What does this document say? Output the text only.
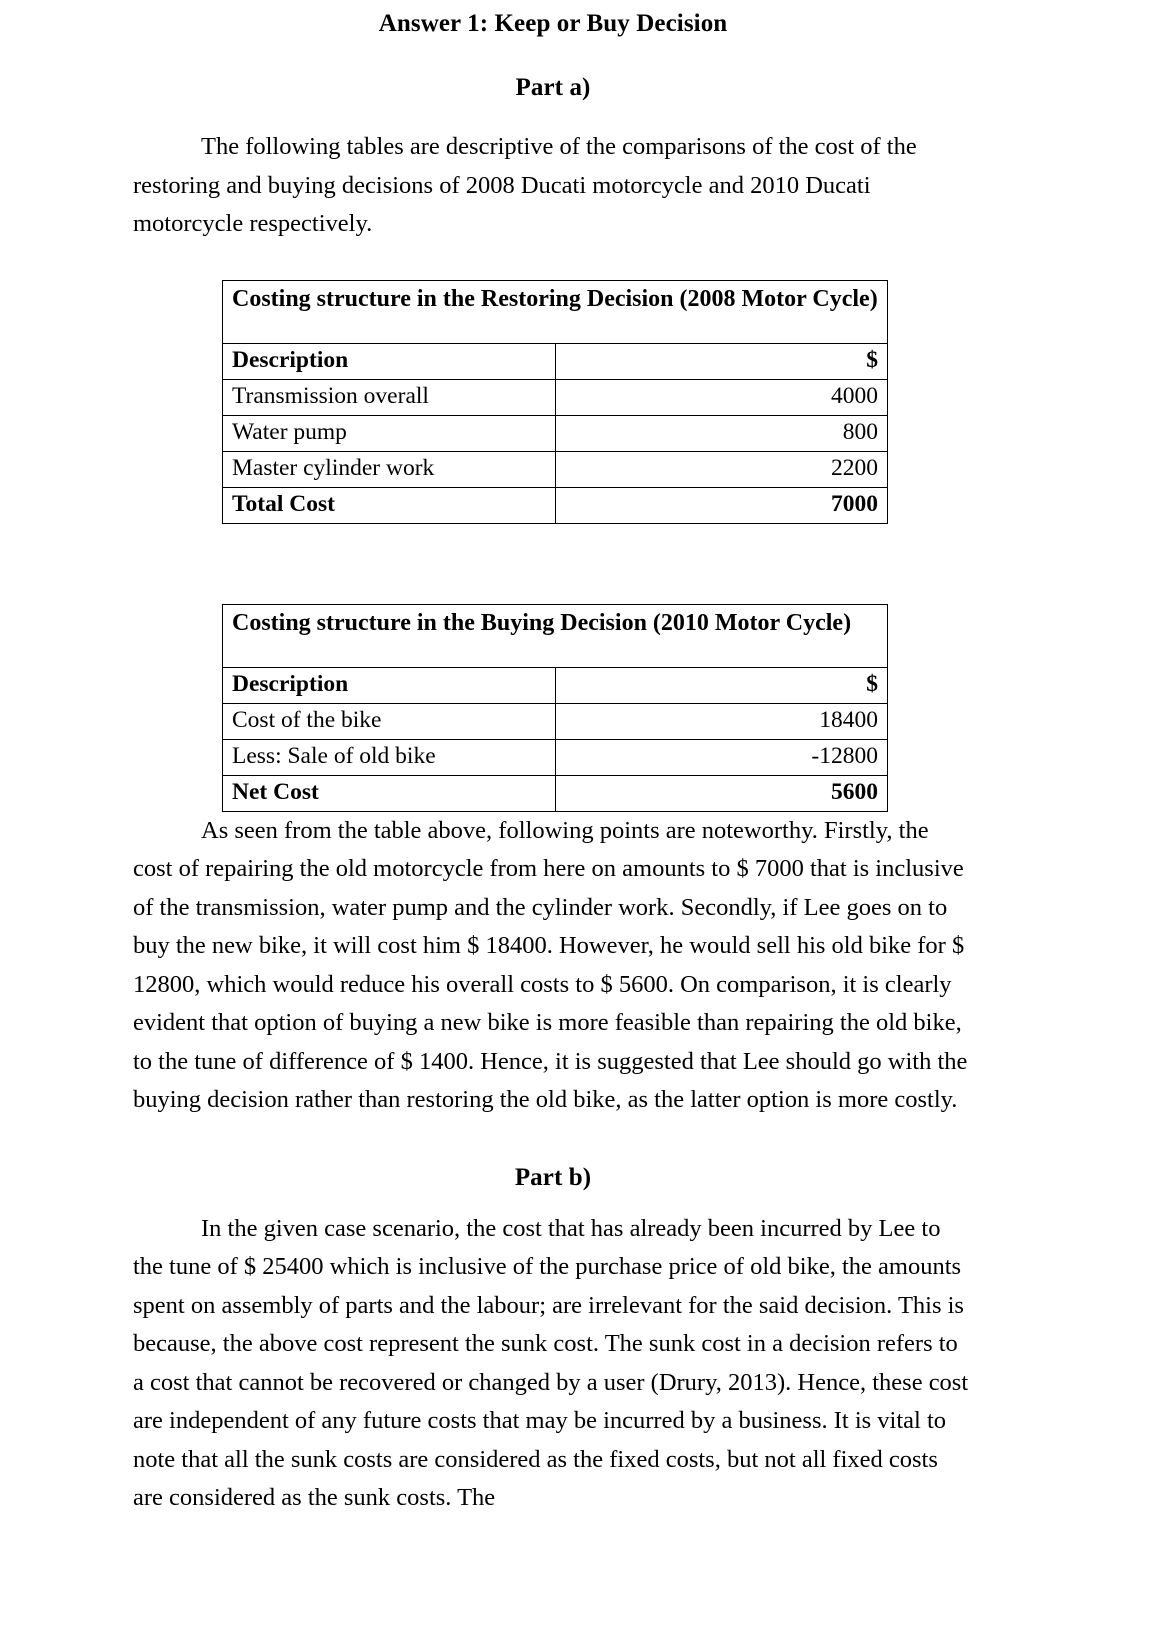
Answer 1: Keep or Buy Decision
Part a)

The following tables are descriptive of the comparisons of the cost of the restoring and buying decisions of 2008 Ducati motorcycle and 2010 Ducati motorcycle respectively.

Costing structure in the Restoring Decision (2008 Motor Cycle)	
Description	$
Transmission overall	4000
Water pump	800
Master cylinder work	2200
Total Cost	7000
Costing structure in the Buying Decision (2010 Motor Cycle)	
Description	$
Cost of the bike	18400
Less: Sale of old bike	-12800
Net Cost	5600

As seen from the table above, following points are noteworthy. Firstly, the cost of repairing the old motorcycle from here on amounts to $ 7000 that is inclusive of the transmission, water pump and the cylinder work. Secondly, if Lee goes on to buy the new bike, it will cost him $ 18400. However, he would sell his old bike for $ 12800, which would reduce his overall costs to $ 5600. On comparison, it is clearly evident that option of buying a new bike is more feasible than repairing the old bike, to the tune of difference of $ 1400. Hence, it is suggested that Lee should go with the buying decision rather than restoring the old bike, as the latter option is more costly.

Part b)

In the given case scenario, the cost that has already been incurred by Lee to the tune of $ 25400 which is inclusive of the purchase price of old bike, the amounts spent on assembly of parts and the labour; are irrelevant for the said decision. This is because, the above cost represent the sunk cost. The sunk cost in a decision refers to a cost that cannot be recovered or changed by a user (Drury, 2013). Hence, these cost are independent of any future costs that may be incurred by a business. It is vital to note that all the sunk costs are considered as the fixed costs, but not all fixed costs are considered as the sunk costs. The
